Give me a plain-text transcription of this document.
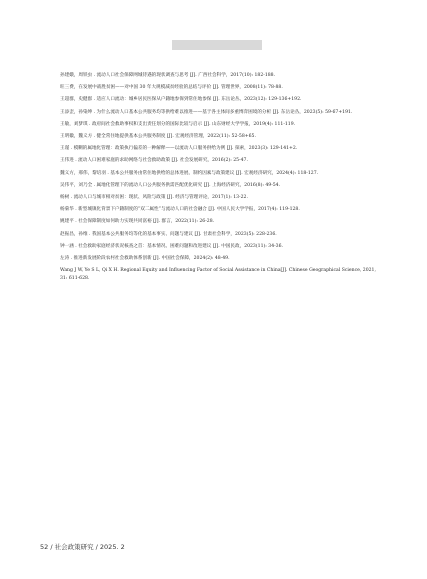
孙建娥，周铁虫 . 流动人口社会保障网城待遇的现状调查与思考 [J]. 广西社会科学，2017(10): 182-188.

旺三费，在发展中战胜贫困——对中国 30 年大规模减贫经验的总结与评价 [J]. 管理世界，2008(11): 78-88.

王超群，史健群 . 适应人口流动：城乡居民医保从户籍地参保到常住地参保 [J]. 东岳论丛，2023(12): 129-136+192.

王添歪，孙染坤 . 为什么流动人口基本公共服务均等供给难以推进——基于各主体间多重博弈困境的分析 [J]. 东岳论丛，2023(5): 59-67+191.

王敏，刘梦琪 . 政府间社会救助事权和支出责任划分的国际比较与启示 [J]. 山东财经大学学报，2019(4): 111-119.

王明徽，魏义方 . 健全常住地提供基本公共服务制度 [J]. 宏观经济管理，2022(11): 52-58+65.

王谨 . 模糊的属地化管理：政策执行偏差的一种解释——以流动人口服务供给为例 [J]. 探索，2023(3): 129-141+2.

王伟进 . 流动人口困难家庭的求助网络与社会救助政策 [J]. 社会发展研究，2016(2): 25-47.

魏义方，邢伟，黎培羽 . 基本公共服务由常住地供给的总体进展、制约因素与政策建议 [J]. 宏观经济研究，2024(4): 118-127.

吴伟平，刘乃全 . 属地化管理下的流动人口公共服务供需匹配优化研究 [J]. 上海经济研究，2016(8): 49-54.

杨树 . 流动人口与城市相对贫困：现状、风险与政策 [J]. 经济与管理评论，2017(1): 13-22.

杨菊华 . 新型城镇化背景下户籍制度的“双二属性”与流动人口的社会融合 [J]. 中国人民大学学报，2017(4): 119-128.

姚建平 . 社会保障制度如何助力实现共同富裕 [J]. 群言，2022(11): 26-28.

赵振昌，孙维 . 我国基本公共服务均等化的基本事实、问题与建议 [J]. 甘肃社会科学，2023(5): 228-236.

钟一涵 . 社会救助家庭经济状况核查之首：基本情况、困难问题和改进建议 [J]. 中国民政，2023(11): 34-36.

左涛 . 推进新发展阶段农村社会救助体系创新 [J]. 中国社会保障，2024(2): 48-49.

Wang J W, Ye S L, Qi X H. Regional Equity and Influencing Factor of Social Assistance in China[J]. Chinese Geographical Science, 2021, 31: 611-628.

52 / 社会政策研究 / 2025. 2
